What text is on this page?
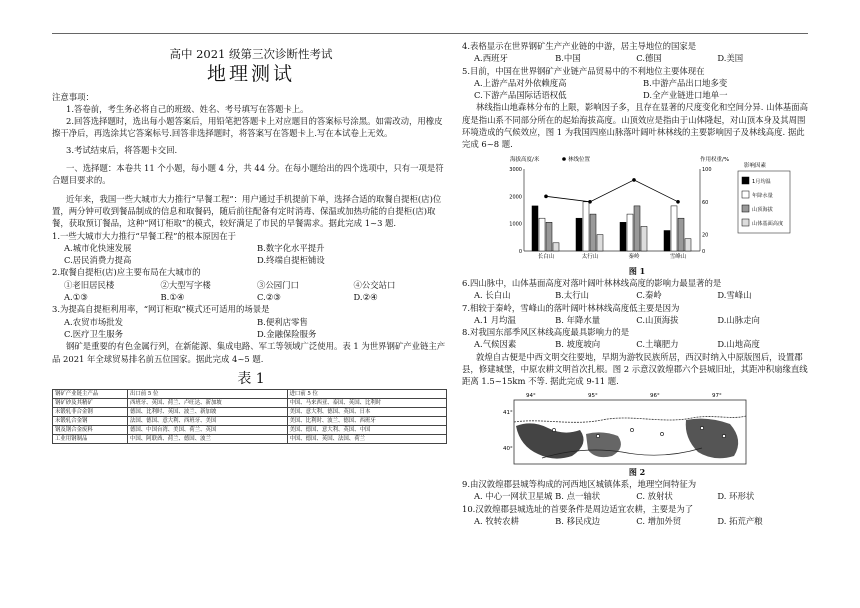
高中 2021 级第三次诊断性考试
地理测试

注意事项：

1.答卷前，考生务必将自己的班级、姓名、考号填写在答题卡上。

2.回答选择题时，选出每小题答案后，用铅笔把答题卡上对应题目的答案标号涂黑。如需改动，用橡皮擦干净后，再选涂其它答案标号.回答非选择题时，将答案写在答题卡上.写在本试卷上无效。

3.考试结束后，将答题卡交回.

一、选择题：本卷共 11 个小题，每小题 4 分，共 44 分。在每小题给出的四个选项中，只有一项是符合题目要求的。

近年来，我国一些大城市大力推行“早餐工程”：用户通过手机提前下单，选择合适的取餐自提柜(店)位置，两分钟可收到餐品制成的信息和取餐码，随后前往配备有定时消毒、保温或加热功能的自提柜(店)取餐，获取预订餐品，这种“网订柜取”的模式，较好满足了市民的早餐需求。据此完成 1~3 题.

1.一些大城市大力推行“早餐工程”的根本原因在于

A.城市化快速发展	B.数字化水平提升
C.居民消费力提高	D.终端自提柜铺设

2.取餐自提柜(店)应主要布局在大城市的

①老旧居民楼	②大型写字楼	③公园门口	④公交站口
A.①③	B.①④	C.②③	D.②④

3.为提高自提柜利用率，“网订柜取”模式还可适用的场景是

A.农贸市场批发	B.便利店零售
C.医疗卫生服务	D.金融保险服务

钢矿是重要的有色金属行列，在新能源、集成电路、军工等领域广泛使用。表 1 为世界钢矿产业链主产品 2021 年全球贸易排名前五位国家。据此完成 4~5 题.

表 1
钢矿产业链主产品	出口前 5 位	进口前 5 位
钢矿砂及其精矿	西班牙、英国、荷兰、卢旺达、新加坡	中国、马来西亚、泰国、英国、比利时
未锻轧非合金钢	德国、比利时、英国、波兰、新加坡	美国、意大利、德国、英国、日本
未锻轧合金钢	法国、德国、意大利、西班牙、美国	美国、比利时、波兰、德国、西班牙
钢及钢合金废料	德国、中国台湾、美国、荷兰、英国	美国、德国、意大利、英国、中国
工业用钢制品	中国、阿联酋、荷兰、德国、波兰	中国、德国、英国、法国、荷兰

4.表格显示在世界钢矿生产产业链的中游，居主导地位的国家是

A.西班牙	B.中国	C.德国	D.美国

5.目前，中国在世界钢矿产业链产品贸易中的不利地位主要体现在

A.上游产品对外依赖度高	B.中游产品出口地多变
C.下游产品国际话语权低	D.全产业链进口地单一

林线指山地森林分布的上限，影响因子多，且存在显著的尺度变化和空间分异. 山体基面高度是指山系不同部分所在的起始海拔高度。山顶效应是指由于山体隆起，对山顶本身及其周围环境造成的气候效应，图 1 为我国四座山脉落叶阔叶林林线的主要影响因子及林线高度. 据此完成 6~8 题.

海拔高度/米	作用权重/%
林线位置
影响因素
3000
2000
1000
0
100
60
20
0
长白山	太行山	秦岭	雪峰山
1月均温
年降水量
山顶海拔
山体基面高度
图 1

6.四山脉中，山体基面高度对落叶阔叶林林线高度的影响力最显著的是

A. 长白山	B.太行山	C.秦岭	D.雪峰山

7.相较于秦岭，雪峰山的落叶阔叶林林线高度低主要是因为

A.1 月均温	B. 年降水量	C.山顶海拔	D.山脉走向

8.对我国东部季风区林线高度最具影响力的是

A.气候因素	B. 坡度坡向	C.土壤肥力	D.山地高度

敦煌自古便是中西文明交往要地，早期为游牧民族所居，西汉时纳入中原版图后，设置郡县，修建城堡，中原农耕文明首次扎根。图 2 示意汉敦煌郡六个县城旧址，其距冲积扇缘直线距离 1.5~15km 不等. 据此完成 9-11 题.

94°	95°	96°	97°
41°
40°
图 2

9.由汉敦煌郡县城等构成的河西地区城镇体系，地理空间特征为

A. 中心一网状卫星城 B. 点一轴状	C. 放射状	D. 环形状

10.汉敦煌郡县城选址的首要条件是周边适宜农耕，主要是为了

A. 牧转农耕	B. 移民戍边	C. 增加外贸	D. 拓荒产粮
